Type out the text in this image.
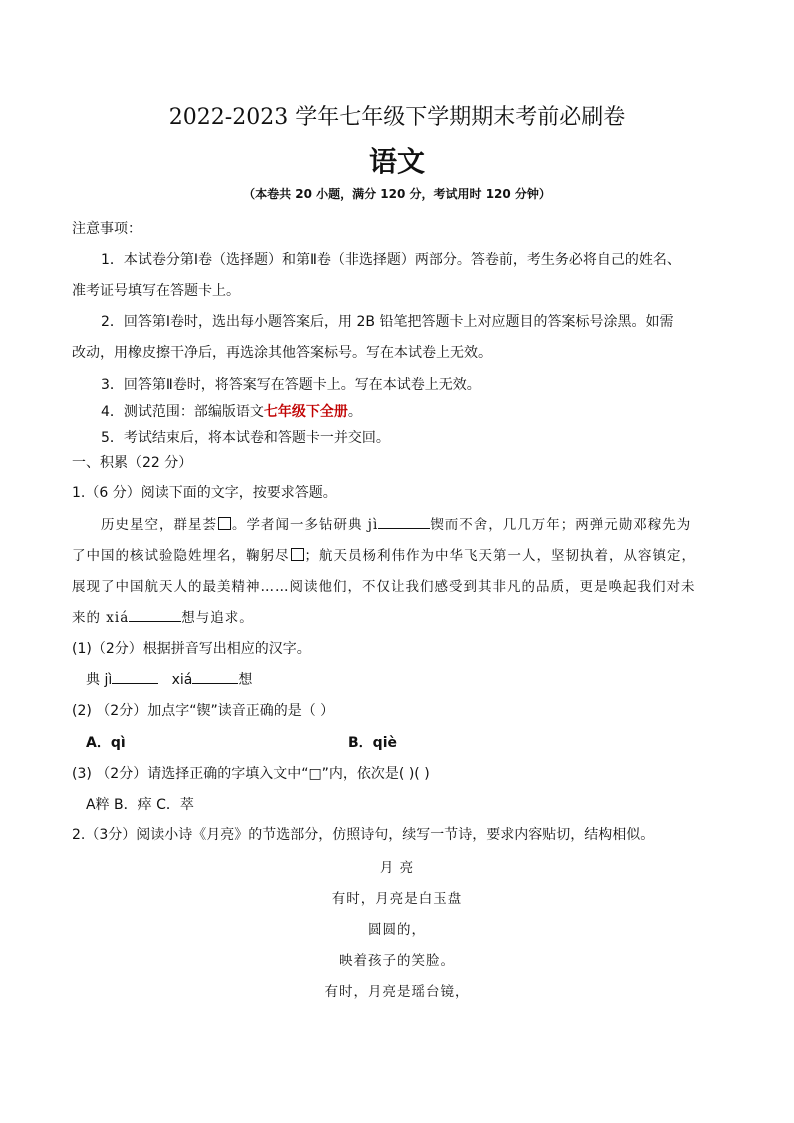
2022-2023 学年七年级下学期期末考前必刷卷
语文
（本卷共 20 小题，满分 120 分，考试用时 120 分钟）
注意事项：
1．本试卷分第Ⅰ卷（选择题）和第Ⅱ卷（非选择题）两部分。答卷前，考生务必将自己的姓名、
准考证号填写在答题卡上。
2．回答第Ⅰ卷时，选出每小题答案后，用 2B 铅笔把答题卡上对应题目的答案标号涂黑。如需
改动，用橡皮擦干净后，再选涂其他答案标号。写在本试卷上无效。
3．回答第Ⅱ卷时，将答案写在答题卡上。写在本试卷上无效。
4．测试范围：部编版语文七年级下全册。
5．考试结束后，将本试卷和答题卡一并交回。
一、积累（22 分）
1.（6 分）阅读下面的文字，按要求答题。
历史星空，群星荟 。学者闻一多钻研典 jì	锲而不舍，几几万年；两弹元勋邓稼先为
了中国的核试验隐姓埋名，鞠躬尽 ；航天员杨利伟作为中华飞天第一人，坚韧执着，从容镇定，
展现了中国航天人的最美精神……阅读他们，不仅让我们感受到其非凡的品质，更是唤起我们对未
来的 xiá	想与追求。
(1)（2分）根据拼音写出相应的汉字。
典 jì	xiá	想
(2) （2分）加点字“锲”读音正确的是（ ）
A．qì	B．qiè
(3) （2分）请选择正确的字填入文中“□”内，依次是( )( )
A粹 B．瘁 C．萃
2.（3分）阅读小诗《月亮》的节选部分，仿照诗句，续写一节诗，要求内容贴切，结构相似。
月 亮
有时，月亮是白玉盘
圆圆的，
映着孩子的笑脸。
有时，月亮是瑶台镜，
